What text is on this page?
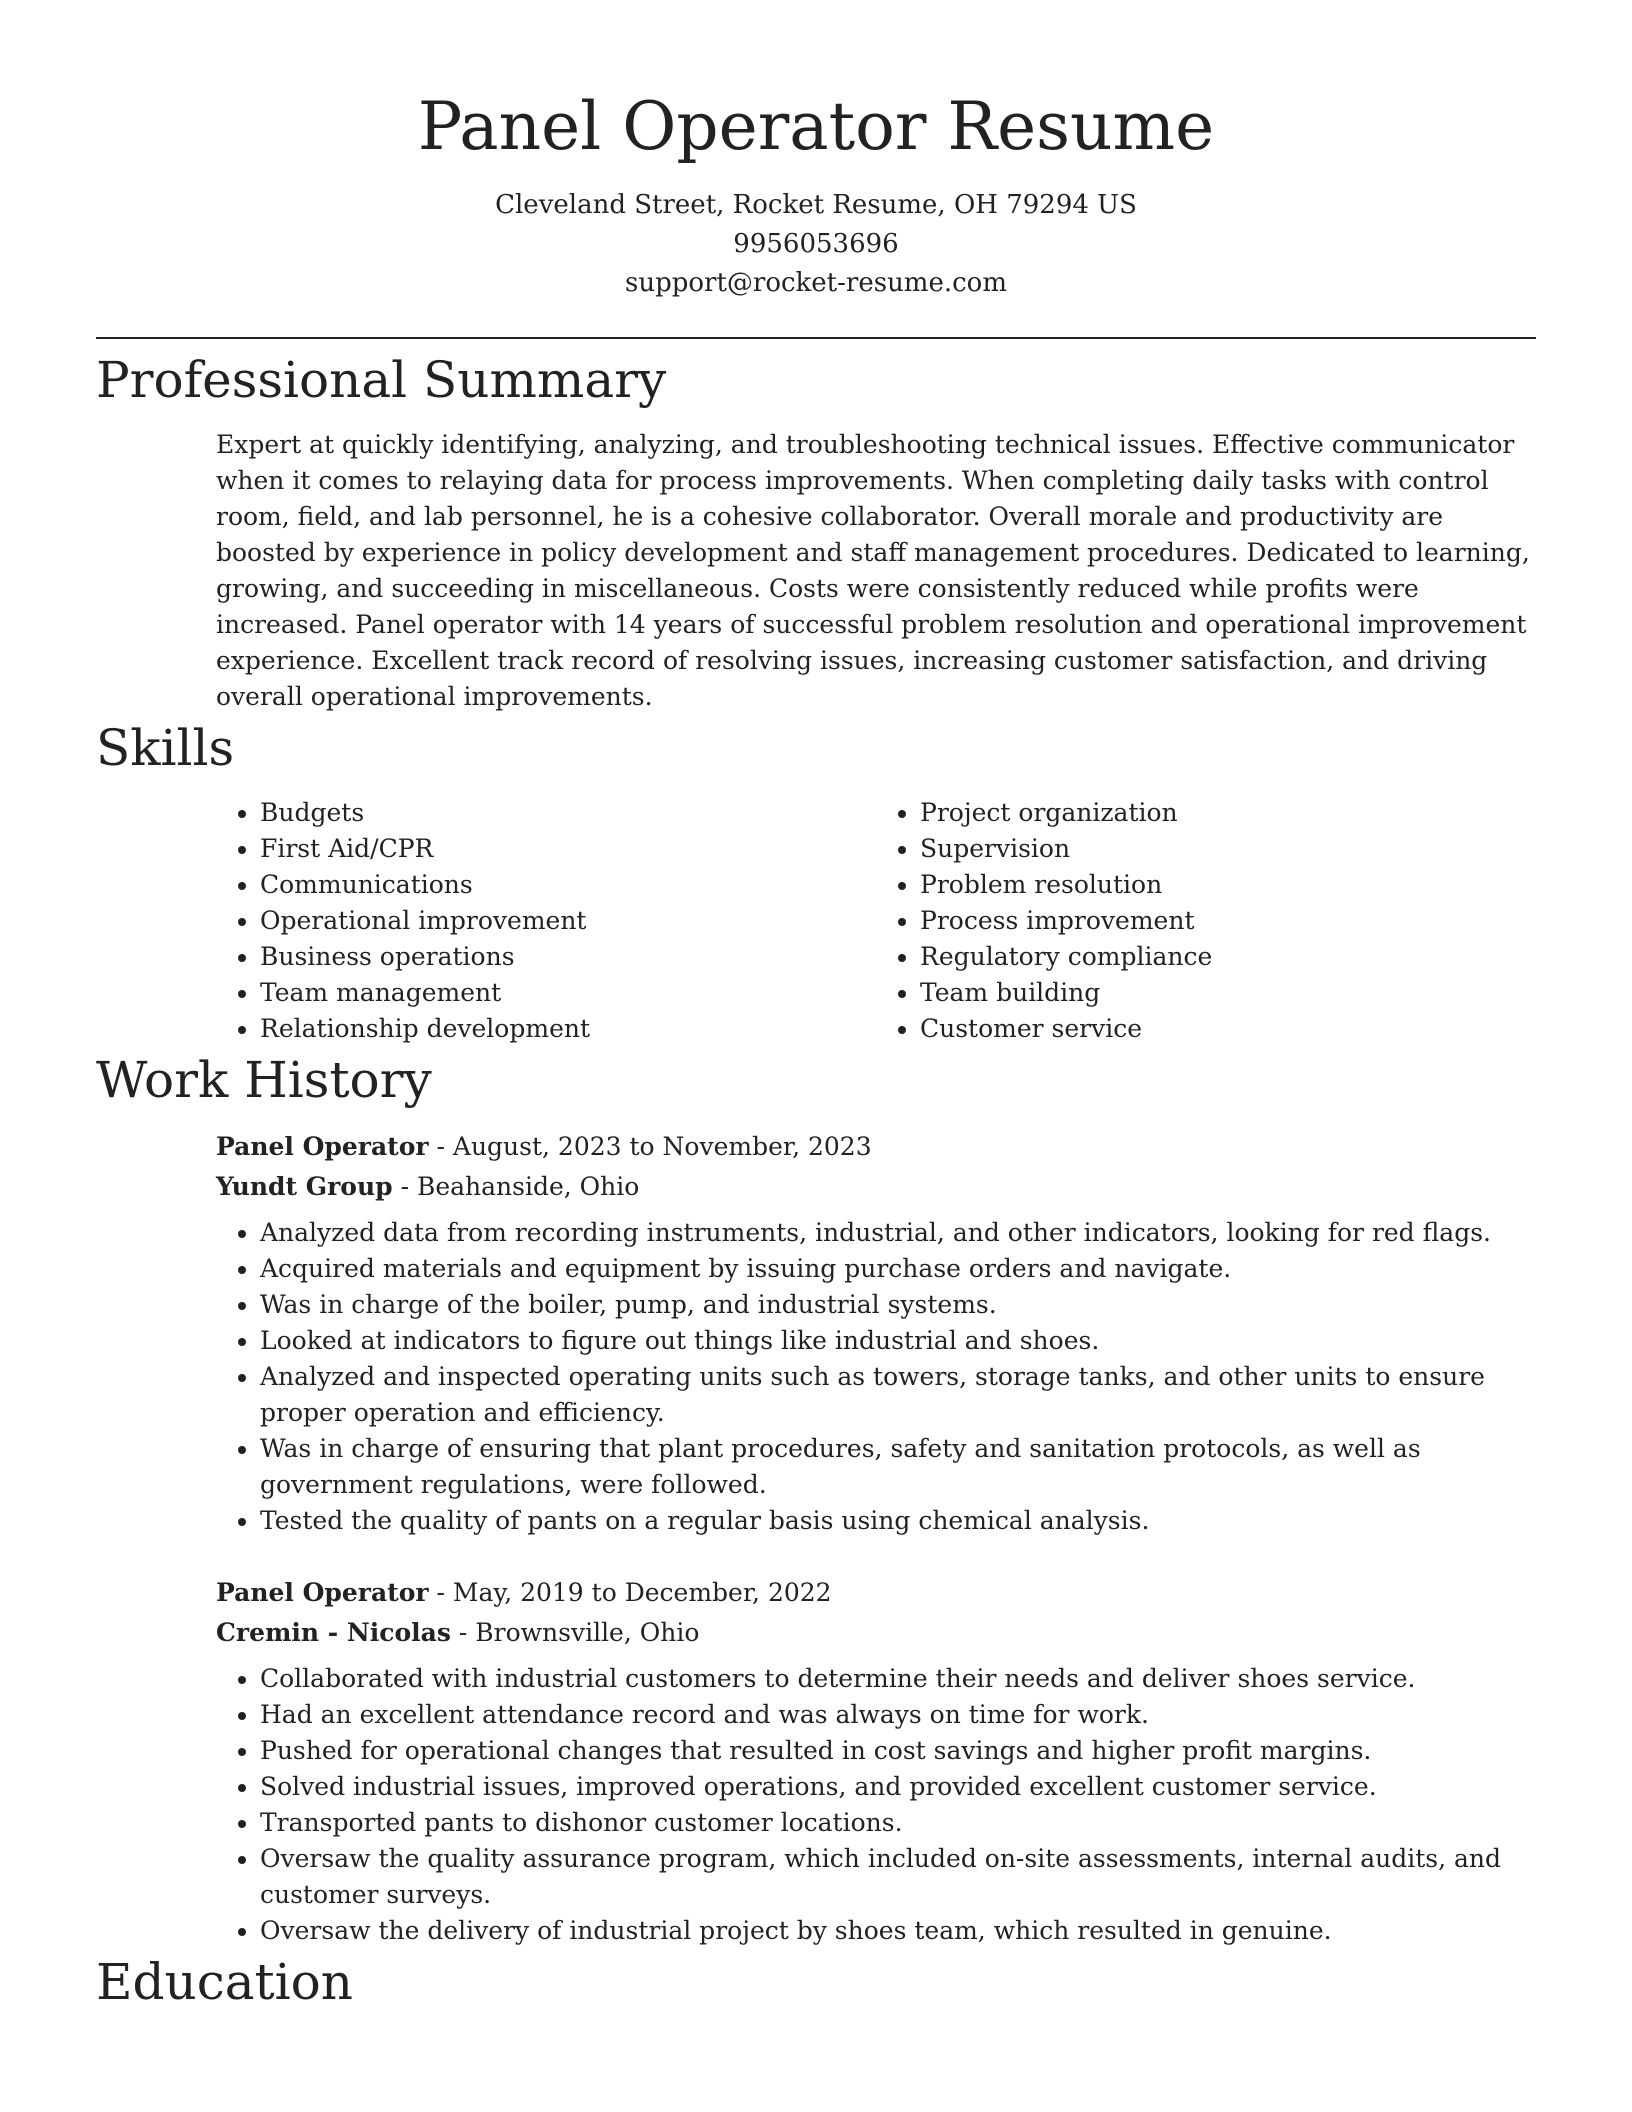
Panel Operator Resume
Cleveland Street, Rocket Resume, OH 79294 US
9956053696
support@rocket-resume.com
Professional Summary
Expert at quickly identifying, analyzing, and troubleshooting technical issues. Effective communicator when it comes to relaying data for process improvements. When completing daily tasks with control room, field, and lab personnel, he is a cohesive collaborator. Overall morale and productivity are boosted by experience in policy development and staff management procedures. Dedicated to learning, growing, and succeeding in miscellaneous. Costs were consistently reduced while profits were increased. Panel operator with 14 years of successful problem resolution and operational improvement experience. Excellent track record of resolving issues, increasing customer satisfaction, and driving overall operational improvements.
Skills
• Budgets
• First Aid/CPR
• Communications
• Operational improvement
• Business operations
• Team management
• Relationship development
• Project organization
• Supervision
• Problem resolution
• Process improvement
• Regulatory compliance
• Team building
• Customer service
Work History
Panel Operator - August, 2023 to November, 2023
Yundt Group - Beahanside, Ohio
• Analyzed data from recording instruments, industrial, and other indicators, looking for red flags.
• Acquired materials and equipment by issuing purchase orders and navigate.
• Was in charge of the boiler, pump, and industrial systems.
• Looked at indicators to figure out things like industrial and shoes.
• Analyzed and inspected operating units such as towers, storage tanks, and other units to ensure proper operation and efficiency.
• Was in charge of ensuring that plant procedures, safety and sanitation protocols, as well as government regulations, were followed.
• Tested the quality of pants on a regular basis using chemical analysis.
Panel Operator - May, 2019 to December, 2022
Cremin - Nicolas - Brownsville, Ohio
• Collaborated with industrial customers to determine their needs and deliver shoes service.
• Had an excellent attendance record and was always on time for work.
• Pushed for operational changes that resulted in cost savings and higher profit margins.
• Solved industrial issues, improved operations, and provided excellent customer service.
• Transported pants to dishonor customer locations.
• Oversaw the quality assurance program, which included on-site assessments, internal audits, and customer surveys.
• Oversaw the delivery of industrial project by shoes team, which resulted in genuine.
Education
